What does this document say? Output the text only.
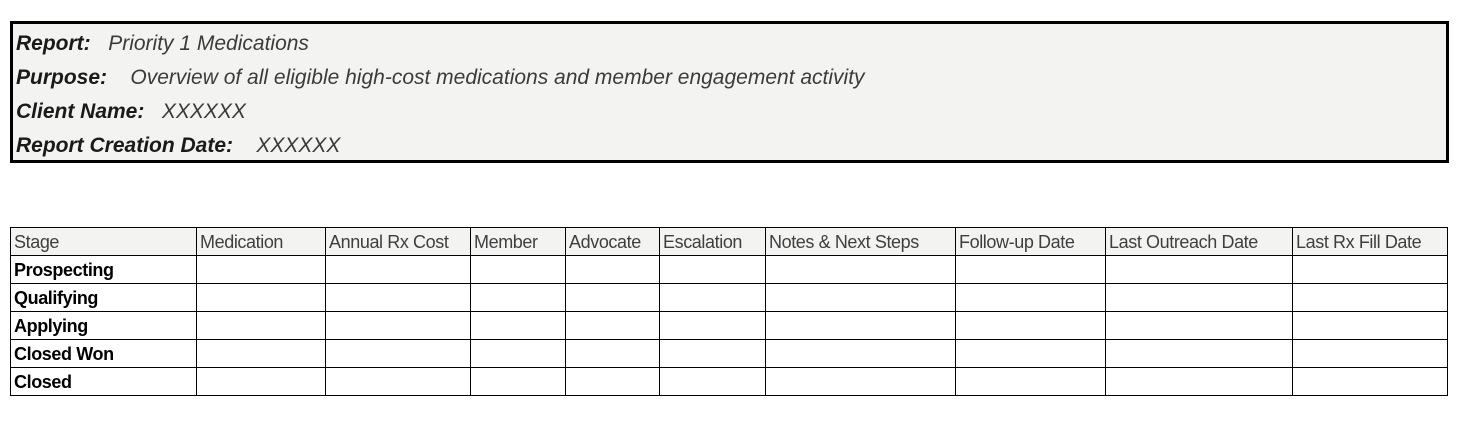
Report: Priority 1 Medications
Purpose: Overview of all eligible high-cost medications and member engagement activity
Client Name: XXXXXX
Report Creation Date: XXXXXX
Stage	Medication	Annual Rx Cost	Member	Advocate	Escalation	Notes & Next Steps	Follow-up Date	Last Outreach Date	Last Rx Fill Date
Prospecting									
Qualifying									
Applying									
Closed Won									
Closed									
